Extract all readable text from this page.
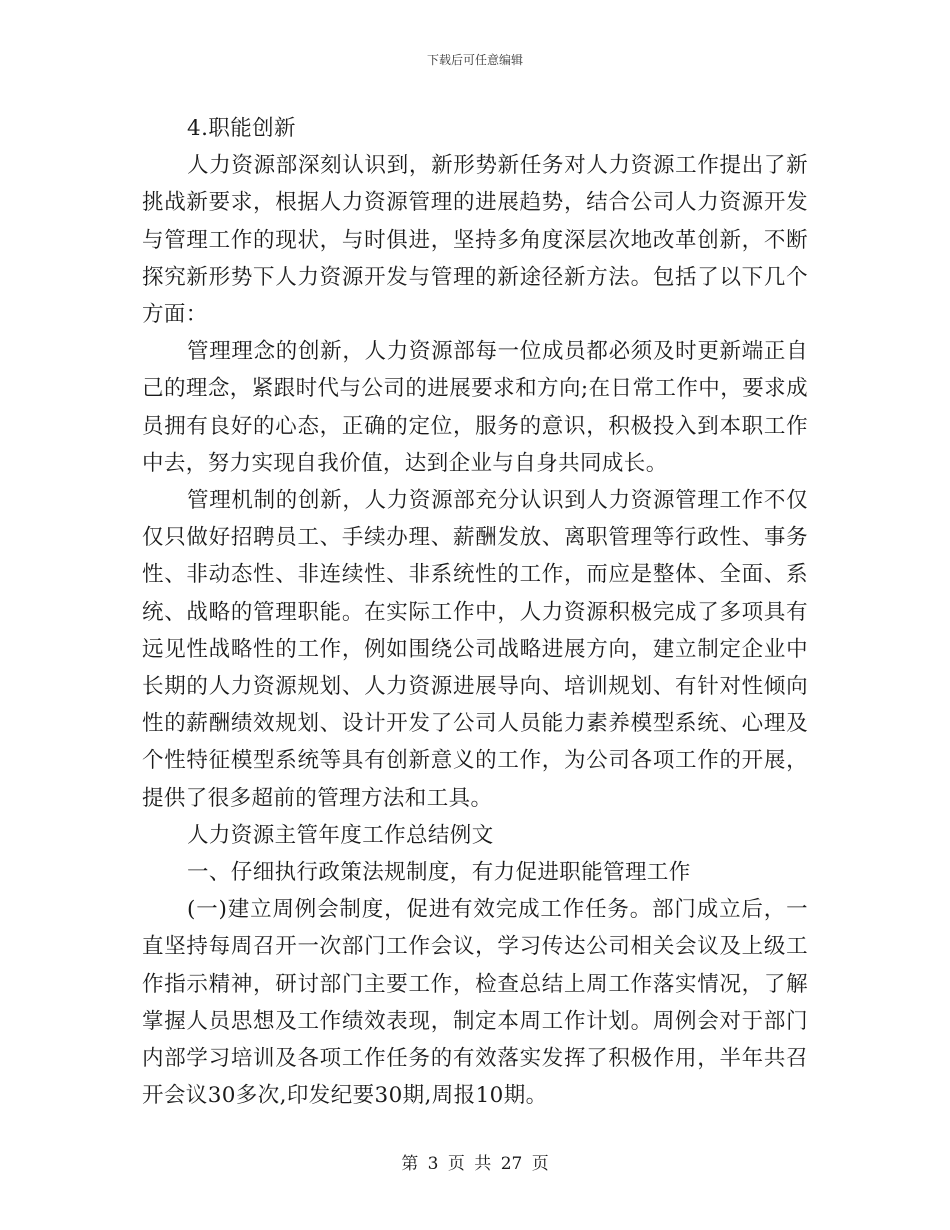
下载后可任意编辑

4.职能创新

人力资源部深刻认识到，新形势新任务对人力资源工作提出了新挑战新要求，根据人力资源管理的进展趋势，结合公司人力资源开发与管理工作的现状，与时俱进，坚持多角度深层次地改革创新，不断探究新形势下人力资源开发与管理的新途径新方法。包括了以下几个方面：

管理理念的创新，人力资源部每一位成员都必须及时更新端正自己的理念，紧跟时代与公司的进展要求和方向;在日常工作中，要求成员拥有良好的心态，正确的定位，服务的意识，积极投入到本职工作中去，努力实现自我价值，达到企业与自身共同成长。

管理机制的创新，人力资源部充分认识到人力资源管理工作不仅仅只做好招聘员工、手续办理、薪酬发放、离职管理等行政性、事务性、非动态性、非连续性、非系统性的工作，而应是整体、全面、系统、战略的管理职能。在实际工作中，人力资源积极完成了多项具有远见性战略性的工作，例如围绕公司战略进展方向，建立制定企业中长期的人力资源规划、人力资源进展导向、培训规划、有针对性倾向性的薪酬绩效规划、设计开发了公司人员能力素养模型系统、心理及个性特征模型系统等具有创新意义的工作，为公司各项工作的开展，提供了很多超前的管理方法和工具。

人力资源主管年度工作总结例文

一、仔细执行政策法规制度，有力促进职能管理工作

(一)建立周例会制度，促进有效完成工作任务。部门成立后，一直坚持每周召开一次部门工作会议，学习传达公司相关会议及上级工作指示精神，研讨部门主要工作，检查总结上周工作落实情况，了解掌握人员思想及工作绩效表现，制定本周工作计划。周例会对于部门内部学习培训及各项工作任务的有效落实发挥了积极作用，半年共召开会议30多次,印发纪要30期,周报10期。

第 3 页 共 27 页
